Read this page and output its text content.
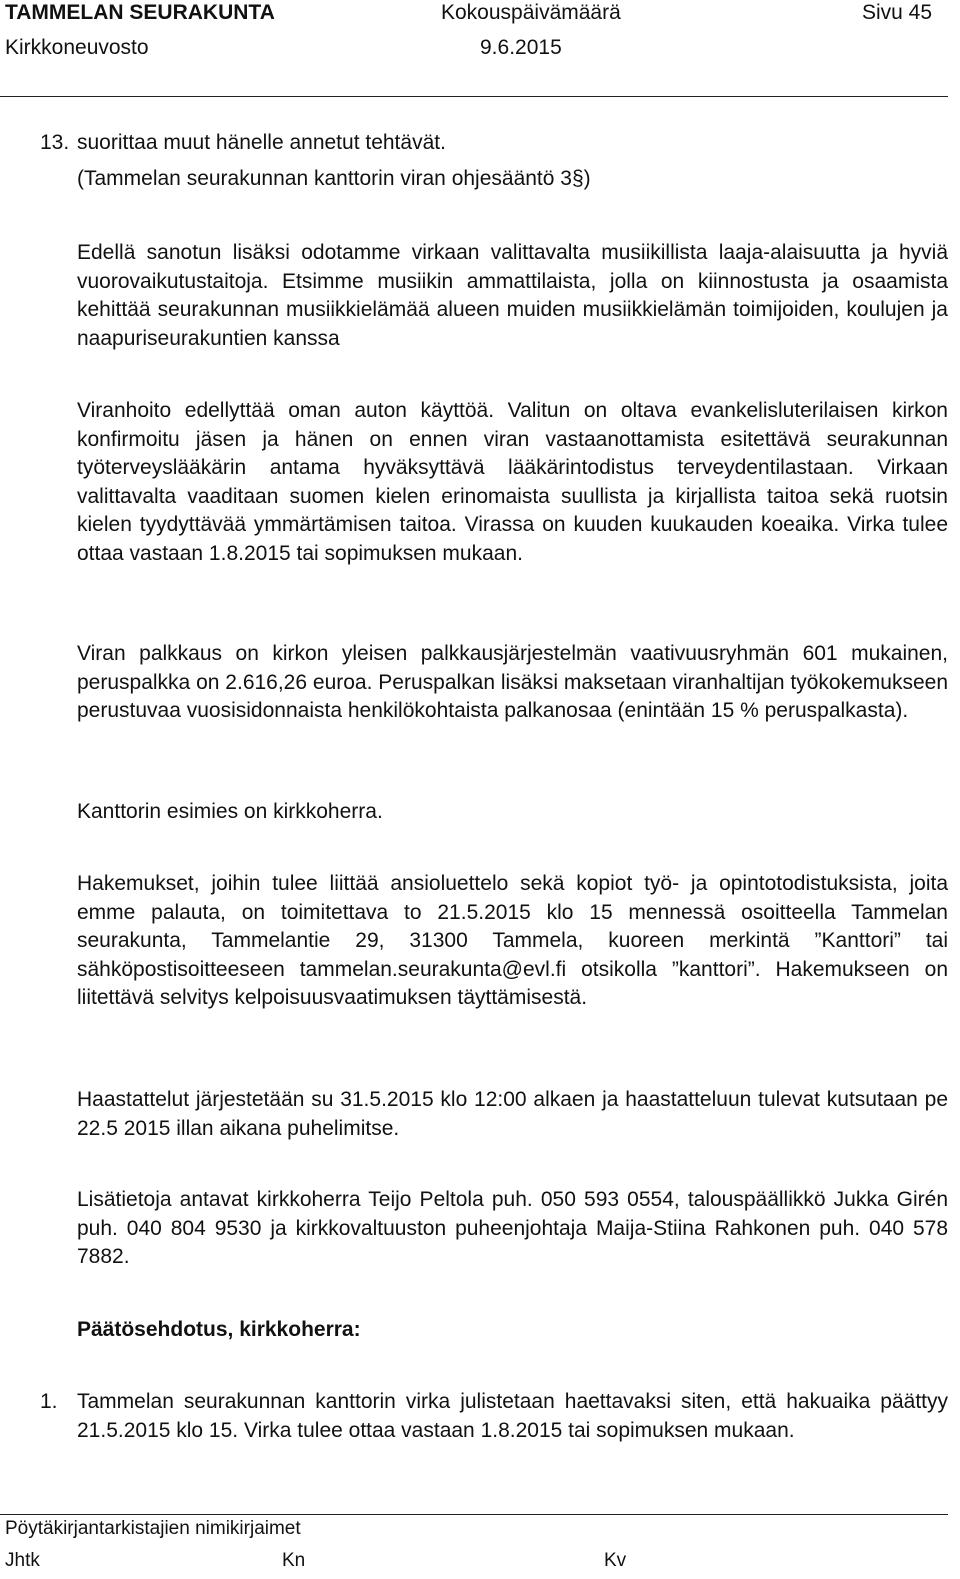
TAMMELAN SEURAKUNTA	Kokouspäivämäärä	Sivu 45
Kirkkoneuvosto	9.6.2015
13. suorittaa muut hänelle annetut tehtävät.
(Tammelan seurakunnan kanttorin viran ohjesääntö 3§)
Edellä sanotun lisäksi odotamme virkaan valittavalta musiikillista laaja-alaisuutta ja hyviä vuorovaikutustaitoja. Etsimme musiikin ammattilaista, jolla on kiinnostusta ja osaamista kehittää seurakunnan musiikkielämää alueen muiden musiikkielämän toimijoiden, koulujen ja naapuriseurakuntien kanssa
Viranhoito edellyttää oman auton käyttöä. Valitun on oltava evankelisluterilaisen kirkon konfirmoitu jäsen ja hänen on ennen viran vastaanottamista esitettävä seurakunnan työterveyslääkärin antama hyväksyttävä lääkärintodistus terveydentilastaan. Virkaan valittavalta vaaditaan suomen kielen erinomaista suullista ja kirjallista taitoa sekä ruotsin kielen tyydyttävää ymmärtämisen taitoa. Virassa on kuuden kuukauden koeaika. Virka tulee ottaa vastaan 1.8.2015 tai sopimuksen mukaan.
Viran palkkaus on kirkon yleisen palkkausjärjestelmän vaativuusryhmän 601 mukainen, peruspalkka on 2.616,26 euroa. Peruspalkan lisäksi maksetaan viranhaltijan työkokemukseen perustuvaa vuosisidonnaista henkilökohtaista palkanosaa (enintään 15 % peruspalkasta).
Kanttorin esimies on kirkkoherra.
Hakemukset, joihin tulee liittää ansioluettelo sekä kopiot työ- ja opintotodistuksista, joita emme palauta, on toimitettava to 21.5.2015 klo 15 mennessä osoitteella Tammelan seurakunta, Tammelantie 29, 31300 Tammela, kuoreen merkintä ”Kanttori” tai sähköpostisoitteeseen tammelan.seurakunta@evl.fi otsikolla ”kanttori”. Hakemukseen on liitettävä selvitys kelpoisuusvaatimuksen täyttämisestä.
Haastattelut järjestetään su 31.5.2015 klo 12:00 alkaen ja haastatteluun tulevat kutsutaan pe 22.5 2015 illan aikana puhelimitse.
Lisätietoja antavat kirkkoherra Teijo Peltola puh. 050 593 0554, talouspäällikkö Jukka Girén puh. 040 804 9530 ja kirkkovaltuuston puheenjohtaja Maija-Stiina Rahkonen puh. 040 578 7882.
Päätösehdotus, kirkkoherra:
1. Tammelan seurakunnan kanttorin virka julistetaan haettavaksi siten, että hakuaika päättyy 21.5.2015 klo 15. Virka tulee ottaa vastaan 1.8.2015 tai sopimuksen mukaan.
Pöytäkirjantarkistajien nimikirjaimet
Jhtk	Kn	Kv
